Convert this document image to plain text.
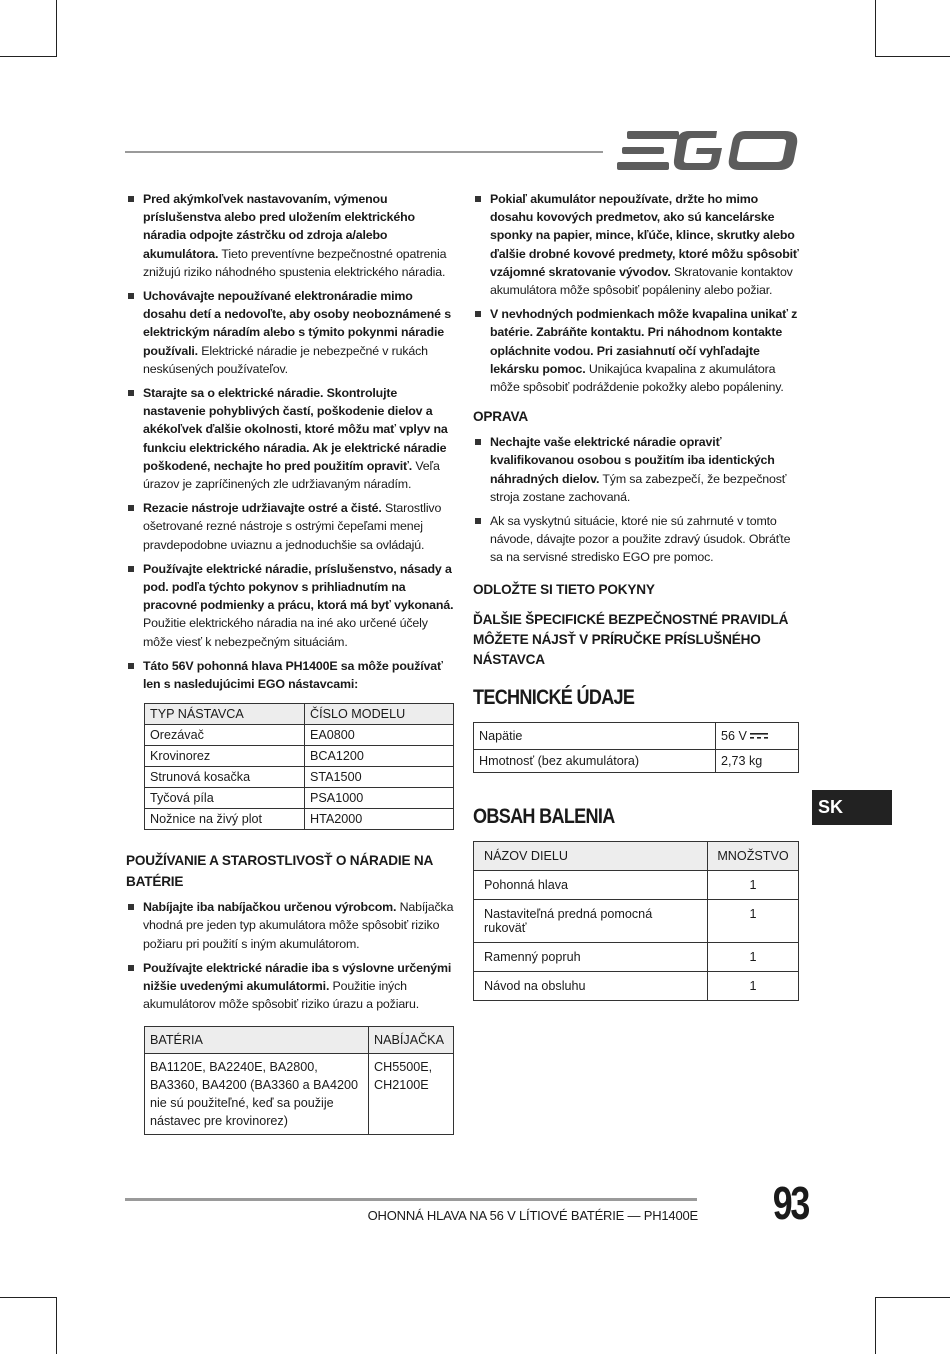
Pred akýmkoľvek nastavovaním, výmenou príslušenstva alebo pred uložením elektrického náradia odpojte zástrčku od zdroja a/alebo akumulátora. Tieto preventívne bezpečnostné opatrenia znižujú riziko náhodného spustenia elektrického náradia.
Uchovávajte nepoužívané elektronáradie mimo dosahu detí a nedovoľte, aby osoby neoboznámené s elektrickým náradím alebo s týmito pokynmi náradie používali. Elektrické náradie je nebezpečné v rukách neskúsených používateľov.
Starajte sa o elektrické náradie. Skontrolujte nastavenie pohyblivých častí, poškodenie dielov a akékoľvek ďalšie okolnosti, ktoré môžu mať vplyv na funkciu elektrického náradia. Ak je elektrické náradie poškodené, nechajte ho pred použitím opraviť. Veľa úrazov je zapríčinených zle udržiavaným náradím.
Rezacie nástroje udržiavajte ostré a čisté. Starostlivo ošetrované rezné nástroje s ostrými čepeľami menej pravdepodobne uviaznu a jednoduchšie sa ovládajú.
Používajte elektrické náradie, príslušenstvo, násady a pod. podľa týchto pokynov s prihliadnutím na pracovné podmienky a prácu, ktorá má byť vykonaná. Použitie elektrického náradia na iné ako určené účely môže viesť k nebezpečným situáciám.
Táto 56V pohonná hlava PH1400E sa môže používať len s nasledujúcimi EGO nástavcami:
TYP NÁSTAVCA	ČÍSLO MODELU
Orezávač	EA0800
Krovinorez	BCA1200
Strunová kosačka	STA1500
Tyčová píla	PSA1000
Nožnice na živý plot	HTA2000
POUŽÍVANIE A STAROSTLIVOSŤ O NÁRADIE NA BATÉRIE
Nabíjajte iba nabíjačkou určenou výrobcom. Nabíjačka vhodná pre jeden typ akumulátora môže spôsobiť riziko požiaru pri použití s iným akumulátorom.
Používajte elektrické náradie iba s výslovne určenými nižšie uvedenými akumulátormi. Použitie iných akumulátorov môže spôsobiť riziko úrazu a požiaru.
BATÉRIA	NABÍJAČKA
BA1120E, BA2240E, BA2800, BA3360, BA4200 (BA3360 a BA4200 nie sú použiteľné, keď sa použije nástavec pre krovinorez)	CH5500E, CH2100E
Pokiaľ akumulátor nepoužívate, držte ho mimo dosahu kovových predmetov, ako sú kancelárske sponky na papier, mince, kľúče, klince, skrutky alebo ďalšie drobné kovové predmety, ktoré môžu spôsobiť vzájomné skratovanie vývodov. Skratovanie kontaktov akumulátora môže spôsobiť popáleniny alebo požiar.
V nevhodných podmienkach môže kvapalina unikať z batérie. Zabráňte kontaktu. Pri náhodnom kontakte opláchnite vodou. Pri zasiahnutí očí vyhľadajte lekársku pomoc. Unikajúca kvapalina z akumulátora môže spôsobiť podráždenie pokožky alebo popáleniny.
OPRAVA
Nechajte vaše elektrické náradie opraviť kvalifikovanou osobou s použitím iba identických náhradných dielov. Tým sa zabezpečí, že bezpečnosť stroja zostane zachovaná.
Ak sa vyskytnú situácie, ktoré nie sú zahrnuté v tomto návode, dávajte pozor a použite zdravý úsudok. Obráťte sa na servisné stredisko EGO pre pomoc.
ODLOŽTE SI TIETO POKYNY
ĎALŠIE ŠPECIFICKÉ BEZPEČNOSTNÉ PRAVIDLÁ MÔŽETE NÁJSŤ V PRÍRUČKE PRÍSLUŠNÉHO NÁSTAVCA
TECHNICKÉ ÚDAJE
Napätie	56 V
Hmotnosť (bez akumulátora)	2,73 kg
OBSAH BALENIA
NÁZOV DIELU	MNOŽSTVO
Pohonná hlava	1
Nastaviteľná predná pomocná rukoväť	1
Ramenný popruh	1
Návod na obsluhu	1
SK
OHONNÁ HLAVA NA 56 V LÍTIOVÉ BATÉRIE — PH1400E 93
